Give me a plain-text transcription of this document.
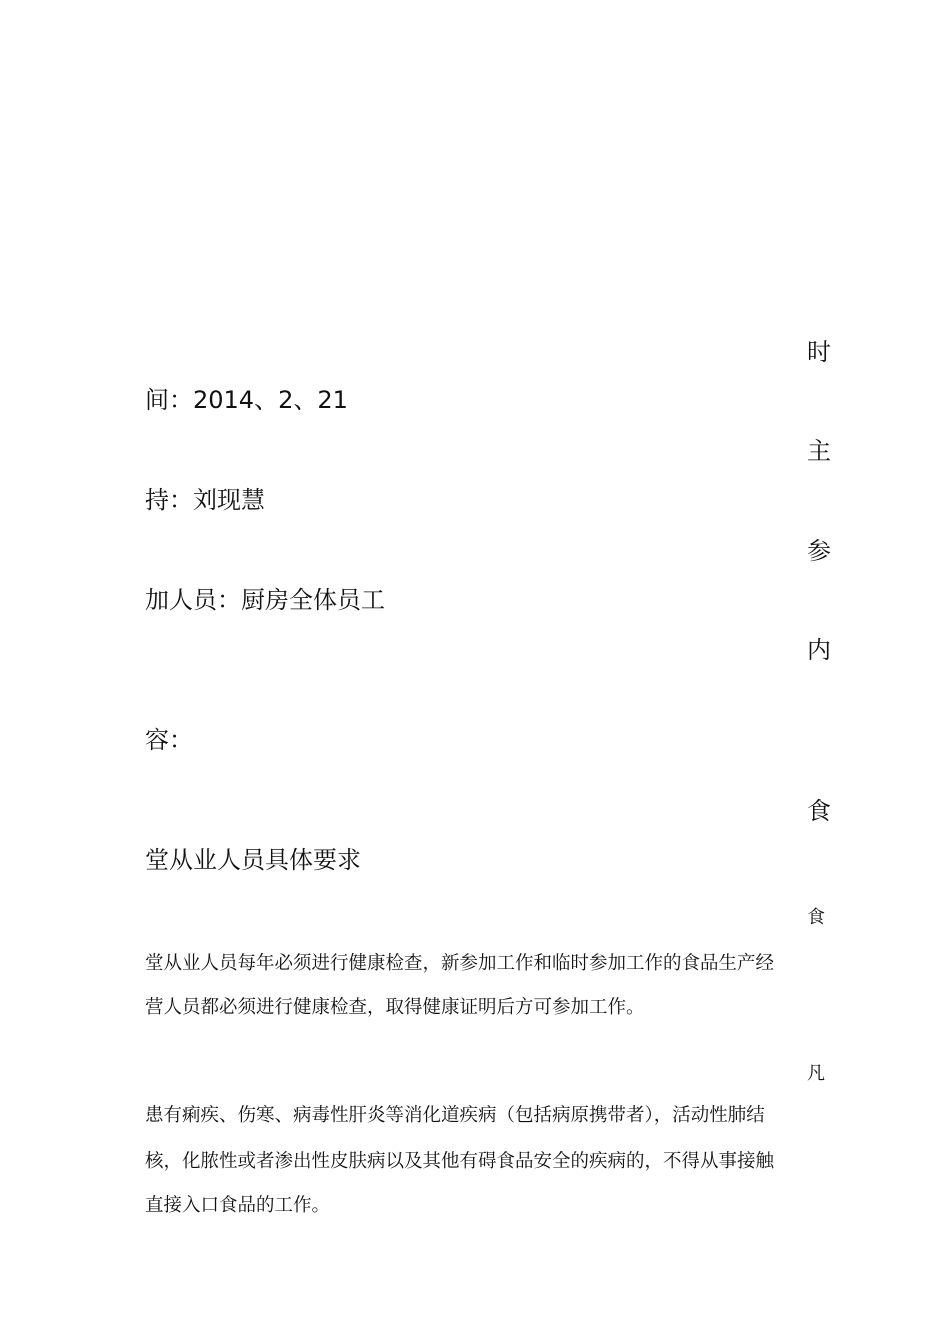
时
间：2014、2、21
主
持：刘现慧
参
加人员：厨房全体员工
内
容：
食
堂从业人员具体要求
食
堂从业人员每年必须进行健康检查，新参加工作和临时参加工作的食品生产经
营人员都必须进行健康检查，取得健康证明后方可参加工作。
凡
患有痢疾、伤寒、病毒性肝炎等消化道疾病（包括病原携带者），活动性肺结
核，化脓性或者渗出性皮肤病以及其他有碍食品安全的疾病的，不得从事接触
直接入口食品的工作。
